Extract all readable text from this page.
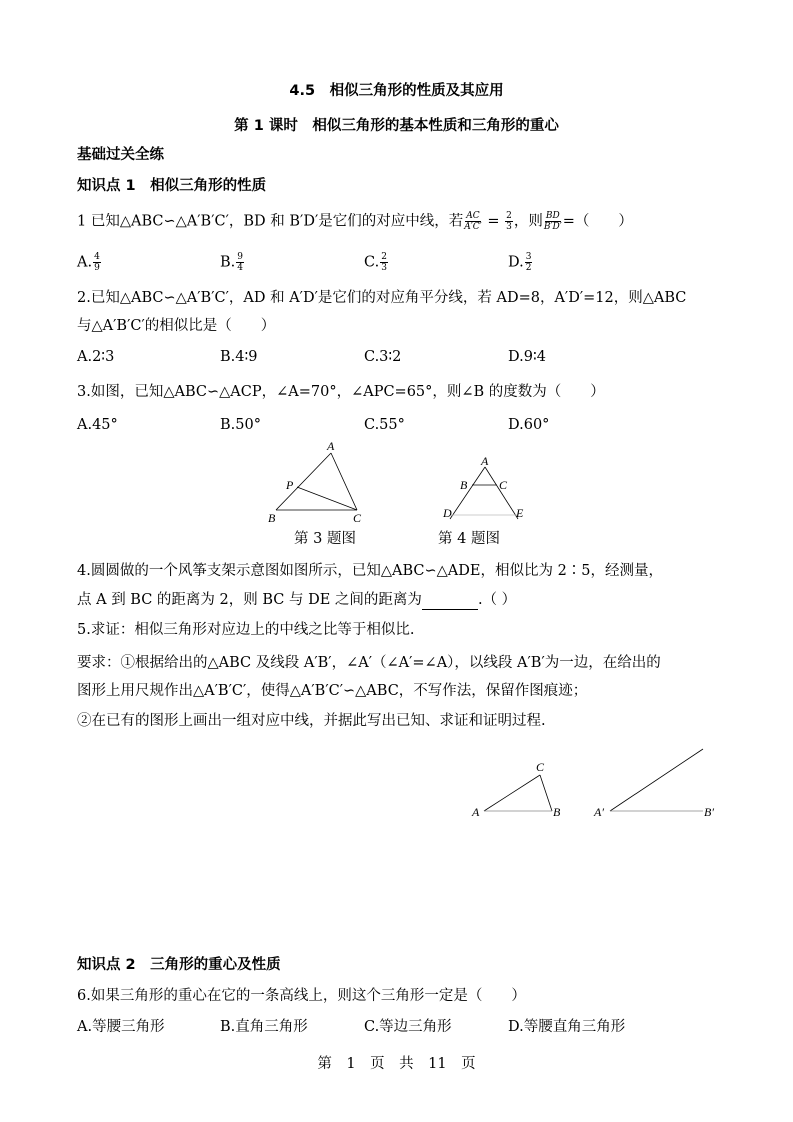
4.5　相似三角形的性质及其应用
第 1 课时　相似三角形的基本性质和三角形的重心
基础过关全练
知识点 1　相似三角形的性质
1 已知△ABC∽△A′B′C′，BD 和 B′D′是它们的对应中线，若 $\frac{AC}{A'C'} = \frac{2}{3}$ ，则 $\frac{BD}{B'D'}$ =（　　）
A. $\frac{4}{9}$	B. $\frac{9}{4}$	C. $\frac{2}{3}$	D. $\frac{3}{2}$
2.已知△ABC∽△A′B′C′，AD 和 A′D′是它们的对应角平分线，若 AD=8，A′D′=12，则△ABC
与△A′B′C′的相似比是（　　）
A.2∶3	B.4∶9	C.3∶2	D.9∶4
3.如图，已知△ABC∽△ACP，∠A=70°，∠APC=65°，则∠B 的度数为（　　）
A.45°	B.50°	C.55°	D.60°
A
P
B	C
A
B	C
D	E
第 3 题图	第 4 题图
4.圆圆做的一个风筝支架示意图如图所示，已知△ABC∽△ADE，相似比为 2∶5，经测量，
点 A 到 BC 的距离为 2，则 BC 与 DE 之间的距离为	.（ ）
5.求证：相似三角形对应边上的中线之比等于相似比.
要求：①根据给出的△ABC 及线段 A′B′，∠A′（∠A′=∠A），以线段 A′B′为一边，在给出的
图形上用尺规作出△A′B′C′，使得△A′B′C′∽△ABC，不写作法，保留作图痕迹；
②在已有的图形上画出一组对应中线，并据此写出已知、求证和证明过程.
A	B
C
A′	B′
知识点 2　三角形的重心及性质
6.如果三角形的重心在它的一条高线上，则这个三角形一定是（　　）
A.等腰三角形	B.直角三角形	C.等边三角形	D.等腰直角三角形
第　1　页　共　11　页
